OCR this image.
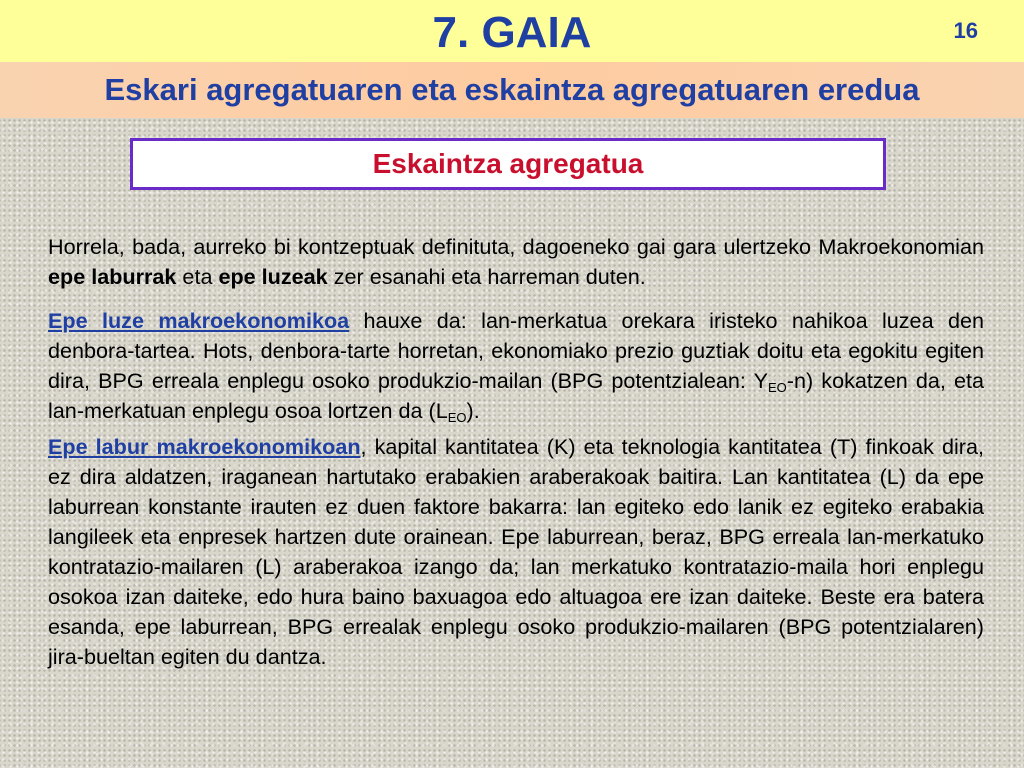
7. GAIA	16
Eskari agregatuaren eta eskaintza agregatuaren eredua
Eskaintza agregatua

Horrela, bada, aurreko bi kontzeptuak definituta, dagoeneko gai gara ulertzeko Makroekonomian epe laburrak eta epe luzeak zer esanahi eta harreman duten.

Epe luze makroekonomikoa hauxe da: lan-merkatua orekara iristeko nahikoa luzea den denbora-tartea. Hots, denbora-tarte horretan, ekonomiako prezio guztiak doitu eta egokitu egiten dira, BPG erreala enplegu osoko produkzio-mailan (BPG potentzialean: $Y_{EO}-n$) kokatzen da, eta lan-merkatuan enplegu osoa lortzen da $(L_{EO})$.

Epe labur makroekonomikoan, kapital kantitatea (K) eta teknologia kantitatea (T) finkoak dira, ez dira aldatzen, iraganean hartutako erabakien araberakoak baitira. Lan kantitatea (L) da epe laburrean konstante irauten ez duen faktore bakarra: lan egiteko edo lanik ez egiteko erabakia langileek eta enpresek hartzen dute orainean. Epe laburrean, beraz, BPG erreala lan-merkatuko kontratazio-mailaren (L) araberakoa izango da; lan merkatuko kontratazio-maila hori enplegu osokoa izan daiteke, edo hura baino baxuagoa edo altuagoa ere izan daiteke. Beste era batera esanda, epe laburrean, BPG errealak enplegu osoko produkzio-mailaren (BPG potentzialaren) jira-bueltan egiten du dantza.
